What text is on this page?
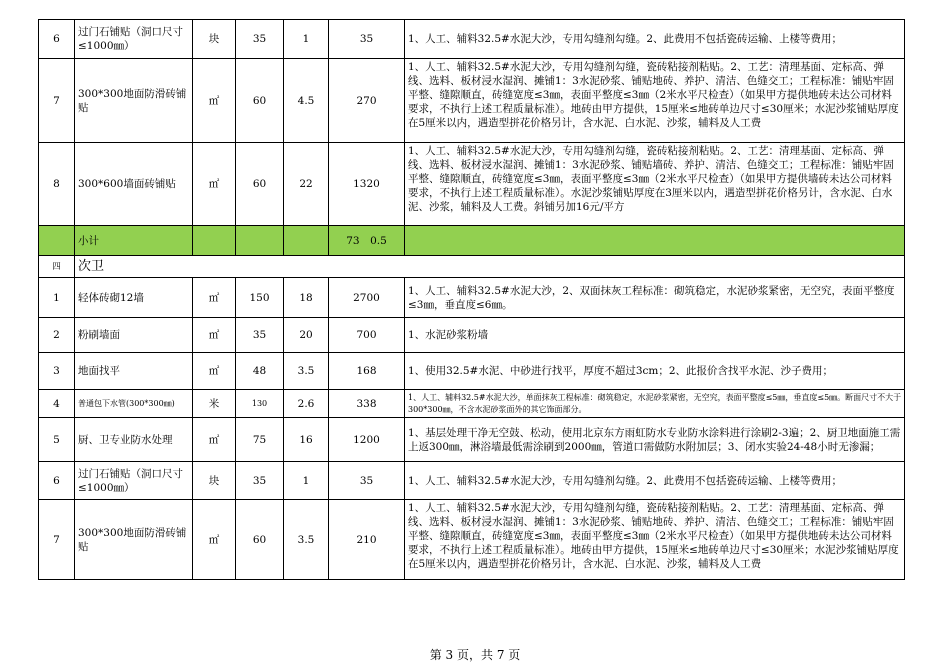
6	过门石铺贴（洞口尺寸≤1000㎜）	块	35	1	35	1、人工、辅料32.5#水泥大沙，专用勾缝剂勾缝。2、此费用不包括瓷砖运输、上楼等费用；
7	300*300地面防滑砖铺贴	㎡	60	4.5	270	1、人工、辅料32.5#水泥大沙，专用勾缝剂勾缝，瓷砖粘接剂粘贴。2、工艺：清理基面、定标高、弹线、选料、板材浸水湿润、摊铺1：3水泥砂浆、铺贴地砖、养护、清洁、色缝交工；工程标准：铺贴牢固平整、缝隙顺直，砖缝宽度≤3㎜，表面平整度≤3㎜（2米水平尺检查）（如果甲方提供地砖未达公司材料要求，不执行上述工程质量标准）。地砖由甲方提供，15厘米≤地砖单边尺寸≤30厘米；水泥沙浆铺贴厚度在5厘米以内，遇造型拼花价格另计，含水泥、白水泥、沙浆，辅料及人工费
8	300*600墙面砖铺贴	㎡	60	22	1320	1、人工、辅料32.5#水泥大沙，专用勾缝剂勾缝，瓷砖粘接剂粘贴。2、工艺：清理基面、定标高、弹线、选料、板材浸水湿润、摊铺1：3水泥砂浆、铺贴墙砖、养护、清洁、色缝交工；工程标准：铺贴牢固平整、缝隙顺直，砖缝宽度≤3㎜，表面平整度≤3㎜（2米水平尺检查）（如果甲方提供墙砖未达公司材料要求，不执行上述工程质量标准）。水泥沙浆铺贴厚度在3厘米以内，遇造型拼花价格另计，含水泥、白水泥、沙浆，辅料及人工费。斜铺另加16元/平方
	小计				73　0.5	
四	次卫					
1	轻体砖砌12墙	㎡	150	18	2700	1、人工、辅料32.5#水泥大沙，2、双面抹灰工程标准：砌筑稳定，水泥砂浆紧密，无空究，表面平整度≤3㎜，垂直度≤6㎜。
2	粉刷墙面	㎡	35	20	700	1、水泥砂浆粉墙
3	地面找平	㎡	48	3.5	168	1、使用32.5#水泥、中砂进行找平，厚度不超过3cm；2、此报价含找平水泥、沙子费用；
4	普通包下水管(300*300㎜)	米	130	2.6	338	1、人工、辅料32.5#水泥大沙，单面抹灰工程标准：砌筑稳定，水泥砂浆紧密，无空究，表面平整度≤5㎜，垂直度≤5㎜。断面尺寸不大于300*300㎜，不含水泥砂浆面外的其它饰面部分。
5	厨、卫专业防水处理	㎡	75	16	1200	1、基层处理干净无空鼓、松动，使用北京东方雨虹防水专业防水涂料进行涂刷2-3遍；2、厨卫地面施工需上返300㎜，淋浴墙最低需涂刷到2000㎜，管道口需做防水附加层；3、闭水实验24-48小时无渗漏；
6	过门石铺贴（洞口尺寸≤1000㎜）	块	35	1	35	1、人工、辅料32.5#水泥大沙，专用勾缝剂勾缝。2、此费用不包括瓷砖运输、上楼等费用；
7	300*300地面防滑砖铺贴	㎡	60	3.5	210	1、人工、辅料32.5#水泥大沙，专用勾缝剂勾缝，瓷砖粘接剂粘贴。2、工艺：清理基面、定标高、弹线、选料、板材浸水湿润、摊铺1：3水泥砂浆、铺贴地砖、养护、清洁、色缝交工；工程标准：铺贴牢固平整、缝隙顺直，砖缝宽度≤3㎜，表面平整度≤3㎜（2米水平尺检查）（如果甲方提供地砖未达公司材料要求，不执行上述工程质量标准）。地砖由甲方提供，15厘米≤地砖单边尺寸≤30厘米；水泥沙浆铺贴厚度在5厘米以内，遇造型拼花价格另计，含水泥、白水泥、沙浆，辅料及人工费
第 3 页，共 7 页
